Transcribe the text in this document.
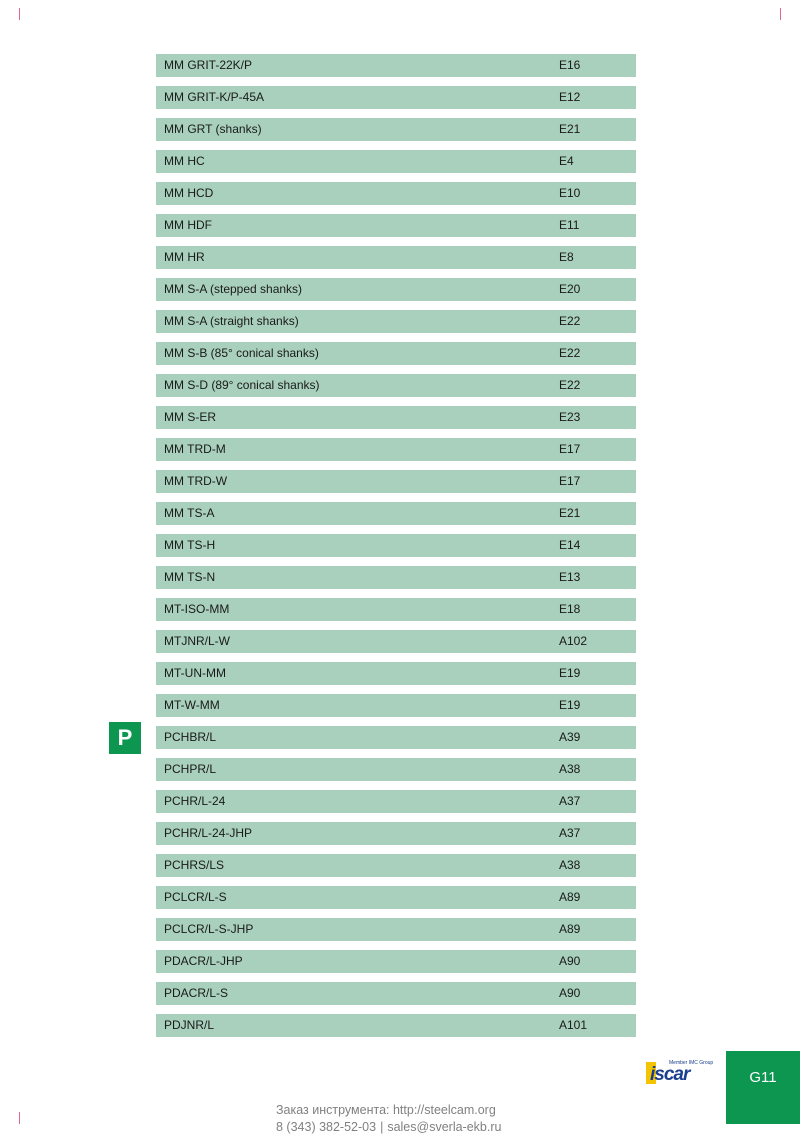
MM GRIT-22K/P	E16
MM GRIT-K/P-45A	E12
MM GRT (shanks)	E21
MM HC	E4
MM HCD	E10
MM HDF	E11
MM HR	E8
MM S-A (stepped shanks)	E20
MM S-A (straight shanks)	E22
MM S-B (85° conical shanks)	E22
MM S-D (89° conical shanks)	E22
MM S-ER	E23
MM TRD-M	E17
MM TRD-W	E17
MM TS-A	E21
MM TS-H	E14
MM TS-N	E13
MT-ISO-MM	E18
MTJNR/L-W	A102
MT-UN-MM	E19
MT-W-MM	E19
PCHBR/L	A39
PCHPR/L	A38
PCHR/L-24	A37
PCHR/L-24-JHP	A37
PCHRS/LS	A38
PCLCR/L-S	A89
PCLCR/L-S-JHP	A89
PDACR/L-JHP	A90
PDACR/L-S	A90
PDJNR/L	A101
P
Member IMC Group
iscar	G11
Заказ инструмента: http://steelcam.org
8 (343) 382-52-03 | sales@sverla-ekb.ru
